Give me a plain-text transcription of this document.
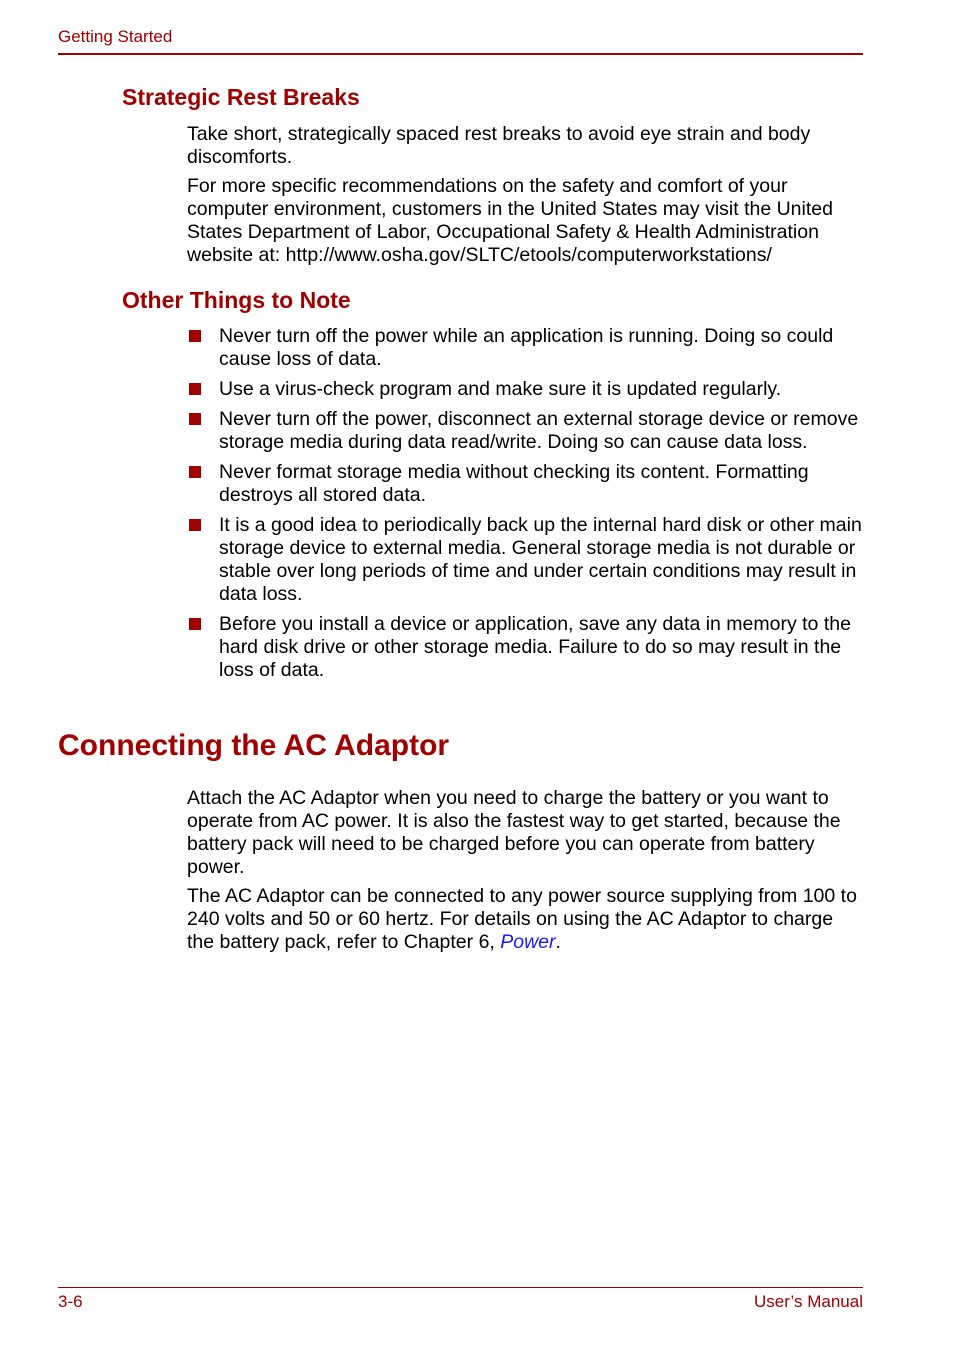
Getting Started
Strategic Rest Breaks

Take short, strategically spaced rest breaks to avoid eye strain and body discomforts.

For more specific recommendations on the safety and comfort of your computer environment, customers in the United States may visit the United States Department of Labor, Occupational Safety & Health Administration website at: http://www.osha.gov/SLTC/etools/computerworkstations/

Other Things to Note
Never turn off the power while an application is running. Doing so could cause loss of data.
Use a virus-check program and make sure it is updated regularly.
Never turn off the power, disconnect an external storage device or remove storage media during data read/write. Doing so can cause data loss.
Never format storage media without checking its content. Formatting destroys all stored data.
It is a good idea to periodically back up the internal hard disk or other main storage device to external media. General storage media is not durable or stable over long periods of time and under certain conditions may result in data loss.
Before you install a device or application, save any data in memory to the hard disk drive or other storage media. Failure to do so may result in the loss of data.
Connecting the AC Adaptor

Attach the AC Adaptor when you need to charge the battery or you want to operate from AC power. It is also the fastest way to get started, because the battery pack will need to be charged before you can operate from battery power.

The AC Adaptor can be connected to any power source supplying from 100 to 240 volts and 50 or 60 hertz. For details on using the AC Adaptor to charge the battery pack, refer to Chapter 6, Power.

3-6	User’s Manual
